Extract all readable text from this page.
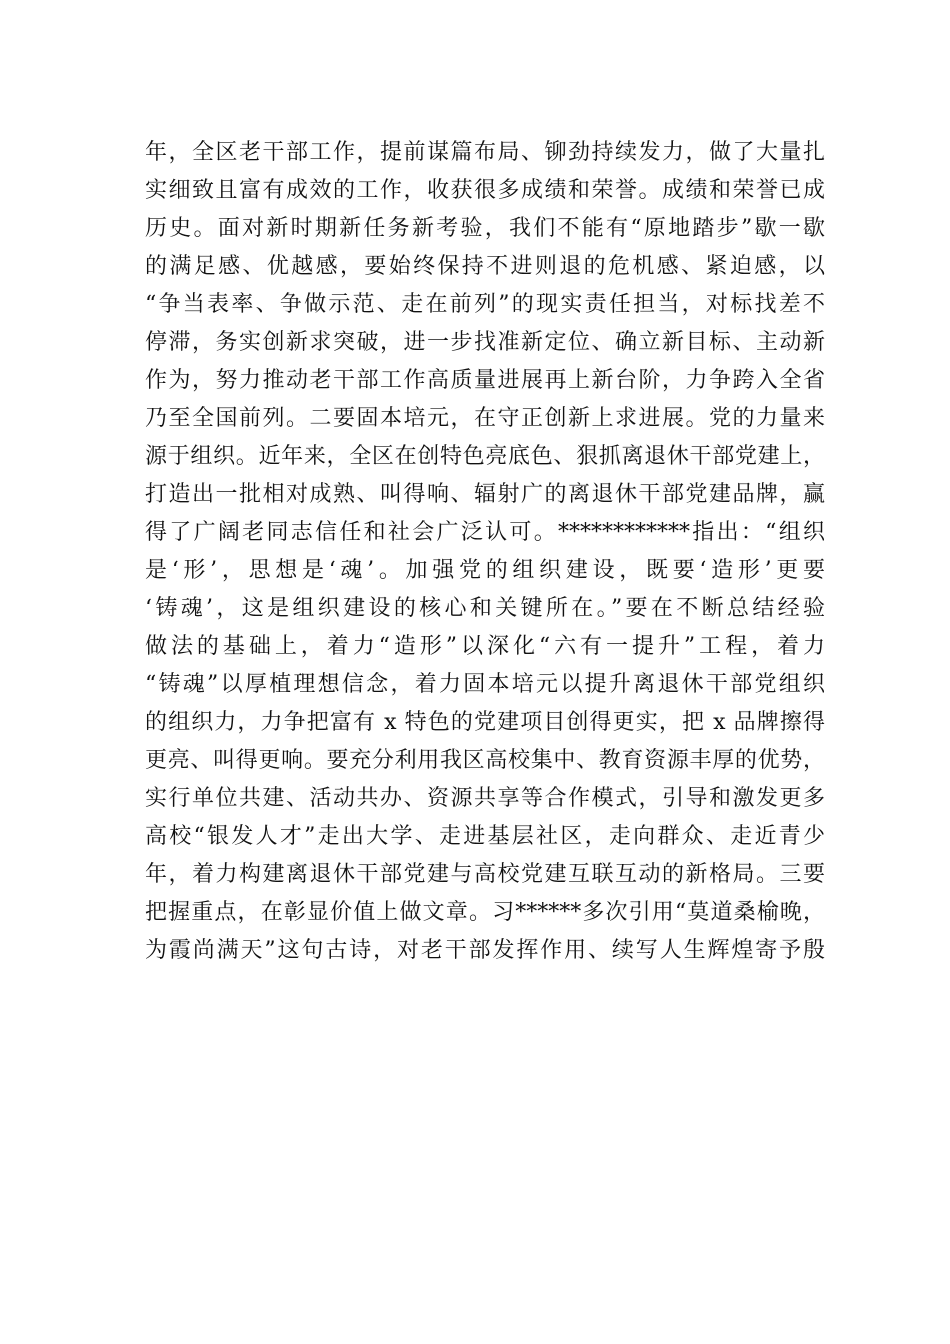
年，全区老干部工作，提前谋篇布局、铆劲持续发力，做了大量扎
实细致且富有成效的工作，收获很多成绩和荣誉。成绩和荣誉已成
历史。面对新时期新任务新考验，我们不能有“原地踏步”歇一歇
的满足感、优越感，要始终保持不进则退的危机感、紧迫感，以
“争当表率、争做示范、走在前列”的现实责任担当，对标找差不
停滞，务实创新求突破，进一步找准新定位、确立新目标、主动新
作为，努力推动老干部工作高质量进展再上新台阶，力争跨入全省
乃至全国前列。二要固本培元，在守正创新上求进展。党的力量来
源于组织。近年来，全区在创特色亮底色、狠抓离退休干部党建上，
打造出一批相对成熟、叫得响、辐射广的离退休干部党建品牌，赢
得了广阔老同志信任和社会广泛认可。************指出：“组织
是‘形’，思想是‘魂’。加强党的组织建设，既要‘造形’更要
‘铸魂’，这是组织建设的核心和关键所在。”要在不断总结经验
做法的基础上，着力“造形”以深化“六有一提升”工程，着力
“铸魂”以厚植理想信念，着力固本培元以提升离退休干部党组织
的组织力，力争把富有 x 特色的党建项目创得更实，把 x 品牌擦得
更亮、叫得更响。要充分利用我区高校集中、教育资源丰厚的优势，
实行单位共建、活动共办、资源共享等合作模式，引导和激发更多
高校“银发人才”走出大学、走进基层社区，走向群众、走近青少
年，着力构建离退休干部党建与高校党建互联互动的新格局。三要
把握重点，在彰显价值上做文章。习******多次引用“莫道桑榆晚，
为霞尚满天”这句古诗，对老干部发挥作用、续写人生辉煌寄予殷
